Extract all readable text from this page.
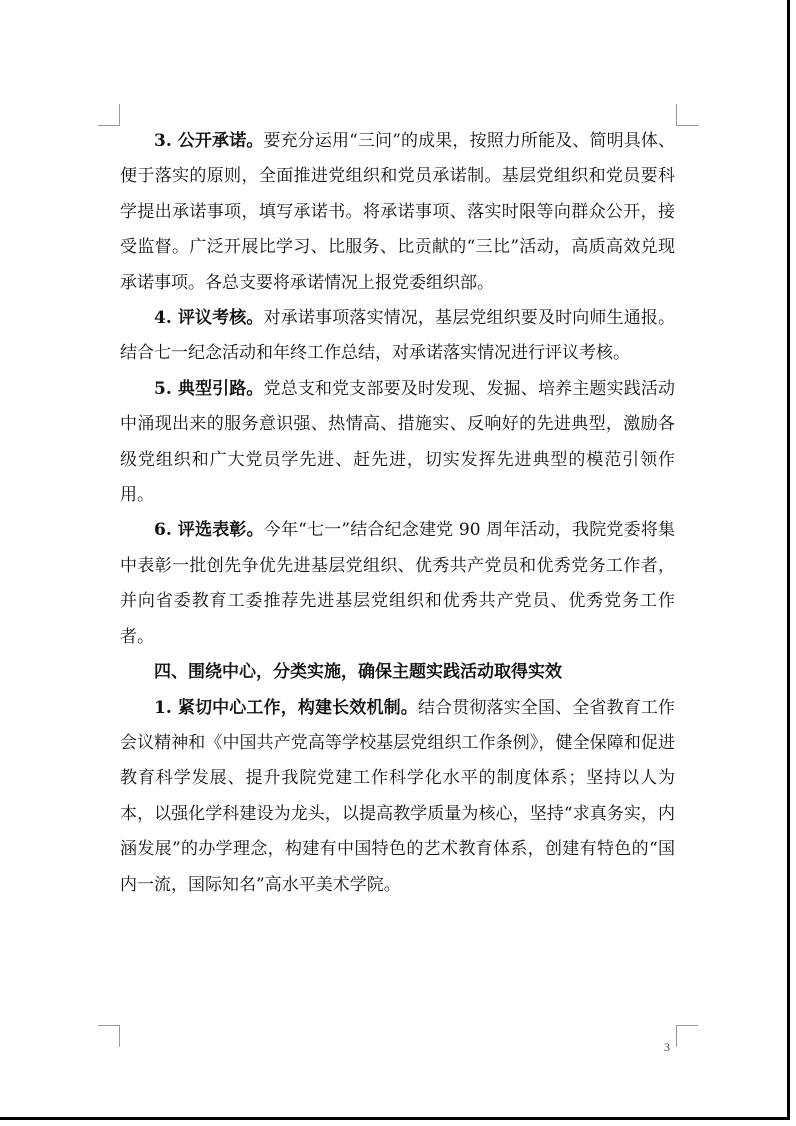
3. 公开承诺。要充分运用“三问”的成果，按照力所能及、简明具体、便于落实的原则，全面推进党组织和党员承诺制。基层党组织和党员要科学提出承诺事项，填写承诺书。将承诺事项、落实时限等向群众公开，接受监督。广泛开展比学习、比服务、比贡献的“三比”活动，高质高效兑现承诺事项。各总支要将承诺情况上报党委组织部。

4. 评议考核。对承诺事项落实情况，基层党组织要及时向师生通报。结合七一纪念活动和年终工作总结，对承诺落实情况进行评议考核。

5. 典型引路。党总支和党支部要及时发现、发掘、培养主题实践活动中涌现出来的服务意识强、热情高、措施实、反响好的先进典型，激励各级党组织和广大党员学先进、赶先进，切实发挥先进典型的模范引领作用。

6. 评选表彰。今年“七一”结合纪念建党 90 周年活动，我院党委将集中表彰一批创先争优先进基层党组织、优秀共产党员和优秀党务工作者，并向省委教育工委推荐先进基层党组织和优秀共产党员、优秀党务工作者。

四、围绕中心，分类实施，确保主题实践活动取得实效

1. 紧切中心工作，构建长效机制。结合贯彻落实全国、全省教育工作会议精神和《中国共产党高等学校基层党组织工作条例》，健全保障和促进教育科学发展、提升我院党建工作科学化水平的制度体系；坚持以人为本，以强化学科建设为龙头，以提高教学质量为核心，坚持“求真务实，内涵发展”的办学理念，构建有中国特色的艺术教育体系，创建有特色的“国内一流，国际知名”高水平美术学院。

3
